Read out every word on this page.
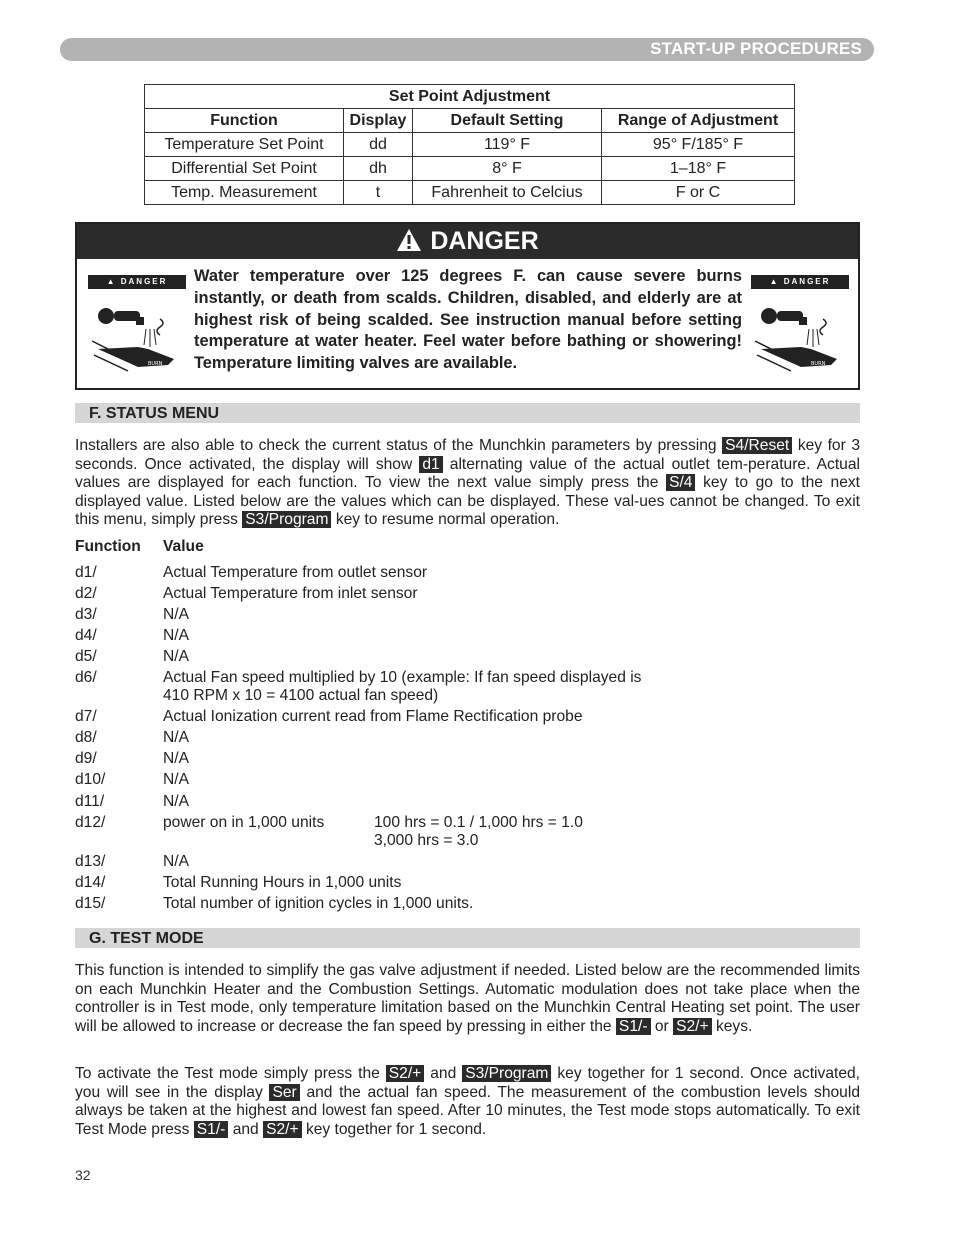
START-UP PROCEDURES
Set Point Adjustment			
Function	Display	Default Setting	Range of Adjustment
Temperature Set Point	dd	119° F	95° F/185° F
Differential Set Point	dh	8° F	1–18° F
Temp. Measurement	t	Fahrenheit to Celcius	F or C
DANGER
▲ DANGER
BURN
Water temperature over 125 degrees F. can cause severe burns instantly, or death from scalds. Children, disabled, and elderly are at highest risk of being scalded. See instruction manual before setting temperature at water heater. Feel water before bathing or showering! Temperature limiting valves are available.
▲ DANGER
BURN
F. STATUS MENU
Installers are also able to check the current status of the Munchkin parameters by pressing S4/Reset key for 3 seconds. Once activated, the display will show d1 alternating value of the actual outlet tem-perature. Actual values are displayed for each function. To view the next value simply press the S/4 key to go to the next displayed value. Listed below are the values which can be displayed. These val-ues cannot be changed. To exit this menu, simply press S3/Program key to resume normal operation.
Function Value
d1/	Actual Temperature from outlet sensor
d2/	Actual Temperature from inlet sensor
d3/	N/A
d4/	N/A
d5/	N/A
d6/	Actual Fan speed multiplied by 10 (example: If fan speed displayed is
410 RPM x 10 = 4100 actual fan speed)
d7/	Actual Ionization current read from Flame Rectification probe
d8/	N/A
d9/	N/A
d10/	N/A
d11/	N/A
d12/	power on in 1,000 units	100 hrs = 0.1 / 1,000 hrs = 1.0
3,000 hrs = 3.0
d13/	N/A
d14/	Total Running Hours in 1,000 units
d15/	Total number of ignition cycles in 1,000 units.
G. TEST MODE
This function is intended to simplify the gas valve adjustment if needed. Listed below are the recommended limits on each Munchkin Heater and the Combustion Settings. Automatic modulation does not take place when the controller is in Test mode, only temperature limitation based on the Munchkin Central Heating set point. The user will be allowed to increase or decrease the fan speed by pressing in either the S1/- or S2/+ keys.
To activate the Test mode simply press the S2/+ and S3/Program key together for 1 second. Once activated, you will see in the display Ser and the actual fan speed. The measurement of the combustion levels should always be taken at the highest and lowest fan speed. After 10 minutes, the Test mode stops automatically. To exit Test Mode press S1/- and S2/+ key together for 1 second.
32
